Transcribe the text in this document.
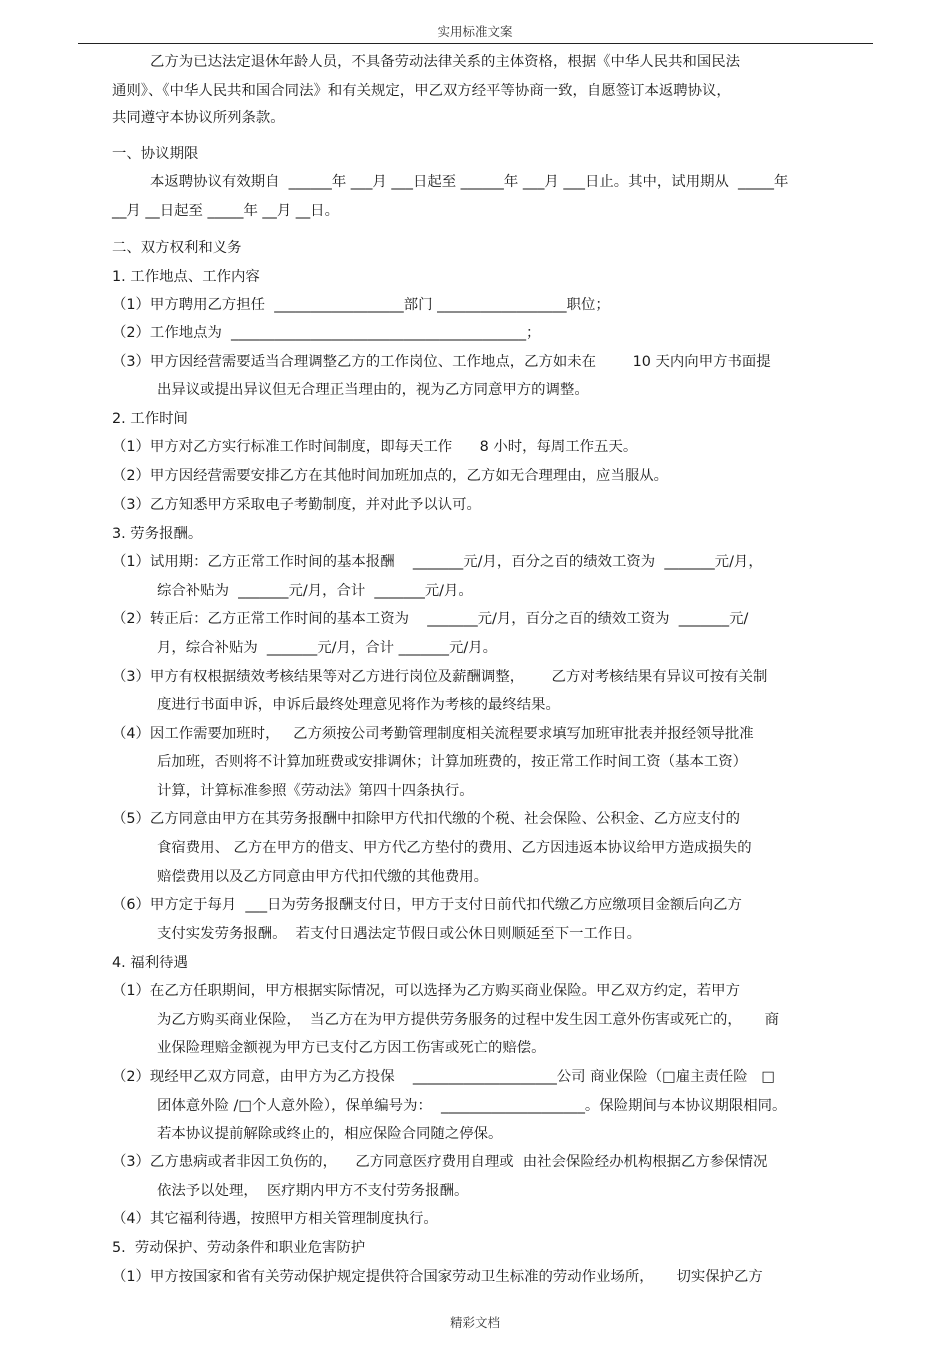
实用标准文案
乙方为已达法定退休年龄人员，不具备劳动法律关系的主体资格，根据《中华人民共和国民法
通则》、《中华人民共和国合同法》和有关规定，甲乙双方经平等协商一致，自愿签订本返聘协议，
共同遵守本协议所列条款。
一、协议期限
本返聘协议有效期自  ______年 ___月 ___日起至 ______年 ___月 ___日止。其中，试用期从  _____年
__月 __日起至 _____年 __月 __日。
二、双方权利和义务
1. 工作地点、工作内容
（1）甲方聘用乙方担任  __________________部门 __________________职位；
（2）工作地点为  _________________________________________；
（3）甲方因经营需要适当合理调整乙方的工作岗位、工作地点，乙方如未在        10 天内向甲方书面提
出异议或提出异议但无合理正当理由的，视为乙方同意甲方的调整。
2. 工作时间
（1）甲方对乙方实行标准工作时间制度，即每天工作      8 小时，每周工作五天。
（2）甲方因经营需要安排乙方在其他时间加班加点的，乙方如无合理理由，应当服从。
（3）乙方知悉甲方采取电子考勤制度，并对此予以认可。
3. 劳务报酬。
（1）试用期：乙方正常工作时间的基本报酬    _______元/月，百分之百的绩效工资为  _______元/月，
综合补贴为  _______元/月，合计  _______元/月。
（2）转正后：乙方正常工作时间的基本工资为    _______元/月，百分之百的绩效工资为  _______元/
月，综合补贴为  _______元/月，合计 _______元/月。
（3）甲方有权根据绩效考核结果等对乙方进行岗位及薪酬调整，      乙方对考核结果有异议可按有关制
度进行书面申诉，申诉后最终处理意见将作为考核的最终结果。
（4）因工作需要加班时，   乙方须按公司考勤管理制度相关流程要求填写加班审批表并报经领导批准
后加班，否则将不计算加班费或安排调休；计算加班费的，按正常工作时间工资（基本工资）
计算，计算标准参照《劳动法》第四十四条执行。
（5）乙方同意由甲方在其劳务报酬中扣除甲方代扣代缴的个税、社会保险、公积金、乙方应支付的
食宿费用、 乙方在甲方的借支、甲方代乙方垫付的费用、乙方因违返本协议给甲方造成损失的
赔偿费用以及乙方同意由甲方代扣代缴的其他费用。
（6）甲方定于每月  ___日为劳务报酬支付日，甲方于支付日前代扣代缴乙方应缴项目金额后向乙方
支付实发劳务报酬。  若支付日遇法定节假日或公休日则顺延至下一工作日。
4. 福利待遇
（1）在乙方任职期间，甲方根据实际情况，可以选择为乙方购买商业保险。甲乙双方约定，若甲方
为乙方购买商业保险，  当乙方在为甲方提供劳务服务的过程中发生因工意外伤害或死亡的，     商
业保险理赔金额视为甲方已支付乙方因工伤害或死亡的赔偿。
（2）现经甲乙双方同意，由甲方为乙方投保    ____________________公司 商业保险（□雇主责任险   □
团体意外险 /□个人意外险），保单编号为：  ____________________。保险期间与本协议期限相同。
若本协议提前解除或终止的，相应保险合同随之停保。
（3）乙方患病或者非因工负伤的，    乙方同意医疗费用自理或  由社会保险经办机构根据乙方参保情况
依法予以处理，  医疗期内甲方不支付劳务报酬。
（4）其它福利待遇，按照甲方相关管理制度执行。
5.  劳动保护、劳动条件和职业危害防护
（1）甲方按国家和省有关劳动保护规定提供符合国家劳动卫生标准的劳动作业场所，     切实保护乙方
精彩文档
